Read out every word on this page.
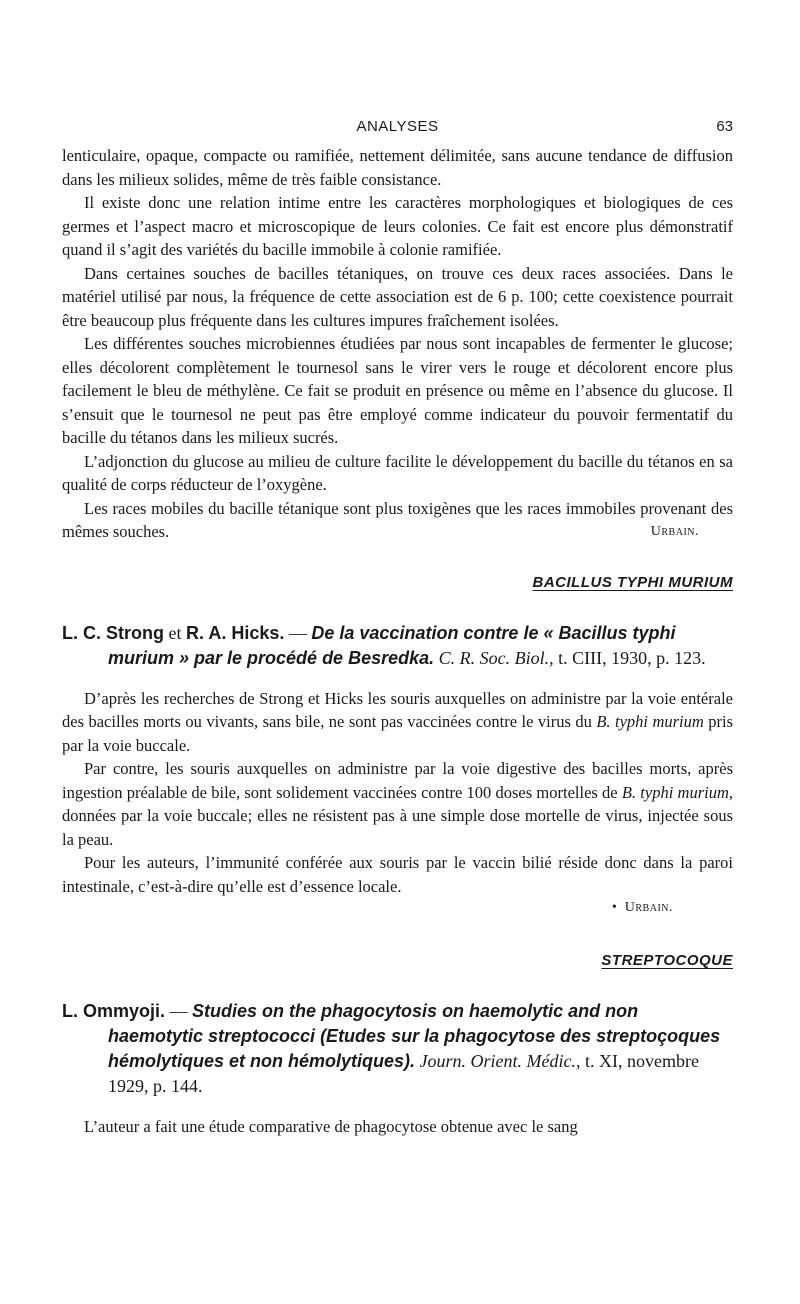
ANALYSES	63

lenticulaire, opaque, compacte ou ramifiée, nettement délimitée, sans aucune tendance de diffusion dans les milieux solides, même de très faible consistance.

Il existe donc une relation intime entre les caractères morphologiques et biologiques de ces germes et l’aspect macro et microscopique de leurs colonies. Ce fait est encore plus démonstratif quand il s’agit des variétés du bacille immobile à colonie ramifiée.

Dans certaines souches de bacilles tétaniques, on trouve ces deux races associées. Dans le matériel utilisé par nous, la fréquence de cette association est de 6 p. 100; cette coexistence pourrait être beaucoup plus fréquente dans les cultures impures fraîchement isolées.

Les différentes souches microbiennes étudiées par nous sont incapables de fermenter le glucose; elles décolorent complètement le tournesol sans le virer vers le rouge et décolorent encore plus facilement le bleu de méthylène. Ce fait se produit en présence ou même en l’absence du glucose. Il s’ensuit que le tournesol ne peut pas être employé comme indicateur du pouvoir fermentatif du bacille du tétanos dans les milieux sucrés.

L’adjonction du glucose au milieu de culture facilite le développement du bacille du tétanos en sa qualité de corps réducteur de l’oxygène.

Les races mobiles du bacille tétanique sont plus toxigènes que les races immobiles provenant des mêmes souches.	Urbain.

BACILLUS TYPHI MURIUM
L. C. Strong et R. A. Hicks. — De la vaccination contre le « Bacillus typhi murium » par le procédé de Besredka. C. R. Soc. Biol., t. CIII, 1930, p. 123.

D’après les recherches de Strong et Hicks les souris auxquelles on administre par la voie entérale des bacilles morts ou vivants, sans bile, ne sont pas vaccinées contre le virus du B. typhi murium pris par la voie buccale.

Par contre, les souris auxquelles on administre par la voie digestive des bacilles morts, après ingestion préalable de bile, sont solidement vaccinées contre 100 doses mortelles de B. typhi murium, données par la voie buccale; elles ne résistent pas à une simple dose mortelle de virus, injectée sous la peau.

Pour les auteurs, l’immunité conférée aux souris par le vaccin bilié réside donc dans la paroi intestinale, c’est-à-dire qu’elle est d’essence locale.

• Urbain.
STREPTOCOQUE
L. Ommyoji. — Studies on the phagocytosis on haemolytic and non haemotytic streptococci (Etudes sur la phagocytose des streptoçoques hémolytiques et non hémolytiques). Journ. Orient. Médic., t. XI, novembre 1929, p. 144.

L’auteur a fait une étude comparative de phagocytose obtenue avec le sang
